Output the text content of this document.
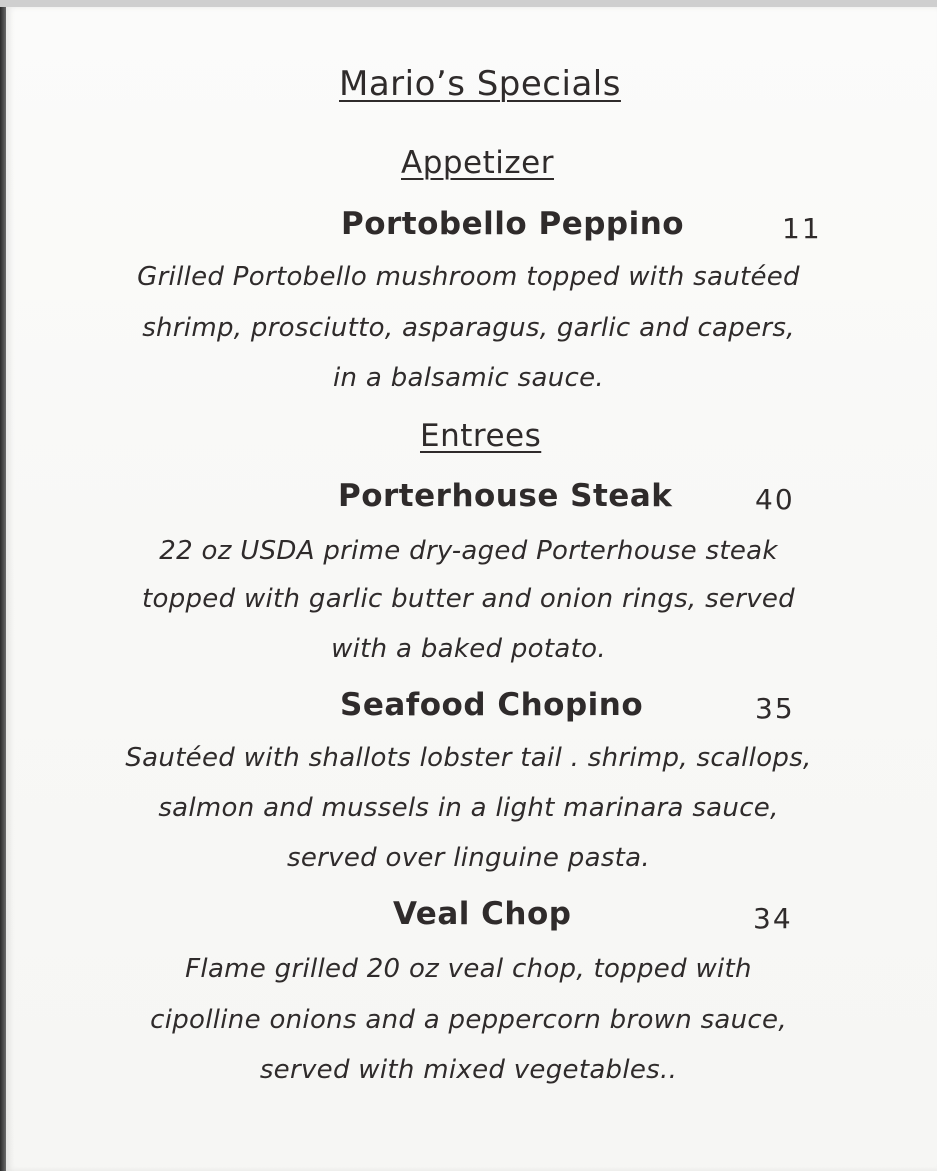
Mario’s Specials
Appetizer
Portobello Peppino	11
Grilled Portobello mushroom topped with sautéed
shrimp, prosciutto, asparagus, garlic and capers,
in a balsamic sauce.
Entrees
Porterhouse Steak	40
22 oz USDA prime dry-aged Porterhouse steak
topped with garlic butter and onion rings, served
with a baked potato.
Seafood Chopino	35
Sautéed with shallots lobster tail . shrimp, scallops,
salmon and mussels in a light marinara sauce,
served over linguine pasta.
Veal Chop	34
Flame grilled 20 oz veal chop, topped with
cipolline onions and a peppercorn brown sauce,
served with mixed vegetables..
